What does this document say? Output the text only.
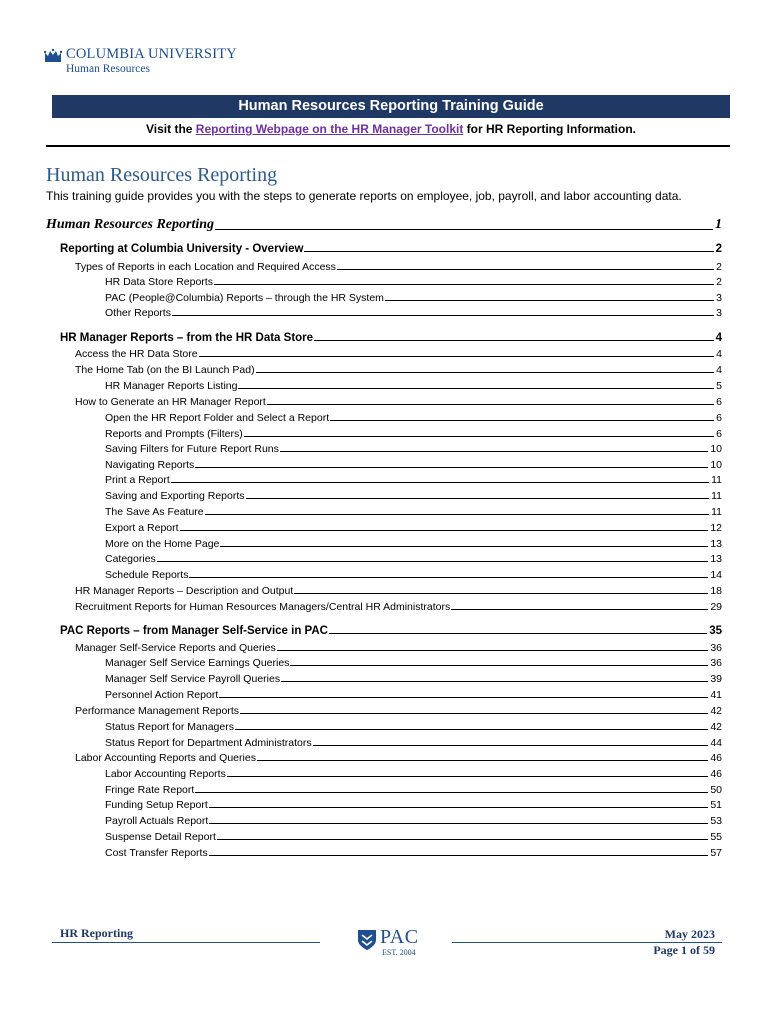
COLUMBIA UNIVERSITY
Human Resources
Human Resources Reporting Training Guide
Visit the Reporting Webpage on the HR Manager Toolkit for HR Reporting Information.
Human Resources Reporting
This training guide provides you with the steps to generate reports on employee, job, payroll, and labor accounting data.
Human Resources Reporting	1
Reporting at Columbia University - Overview	2
Types of Reports in each Location and Required Access	2
HR Data Store Reports	2
PAC (People@Columbia) Reports – through the HR System	3
Other Reports	3
HR Manager Reports – from the HR Data Store	4
Access the HR Data Store	4
The Home Tab (on the BI Launch Pad)	4
HR Manager Reports Listing	5
How to Generate an HR Manager Report	6
Open the HR Report Folder and Select a Report	6
Reports and Prompts (Filters)	6
Saving Filters for Future Report Runs	10
Navigating Reports	10
Print a Report	11
Saving and Exporting Reports	11
The Save As Feature	11
Export a Report	12
More on the Home Page	13
Categories	13
Schedule Reports	14
HR Manager Reports – Description and Output	18
Recruitment Reports for Human Resources Managers/Central HR Administrators	29
PAC Reports – from Manager Self-Service in PAC	35
Manager Self-Service Reports and Queries	36
Manager Self Service Earnings Queries	36
Manager Self Service Payroll Queries	39
Personnel Action Report	41
Performance Management Reports	42
Status Report for Managers	42
Status Report for Department Administrators	44
Labor Accounting Reports and Queries	46
Labor Accounting Reports	46
Fringe Rate Report	50
Funding Setup Report	51
Payroll Actuals Report	53
Suspense Detail Report	55
Cost Transfer Reports	57
HR Reporting	PAC
EST. 2004
May 2023
Page 1 of 59
